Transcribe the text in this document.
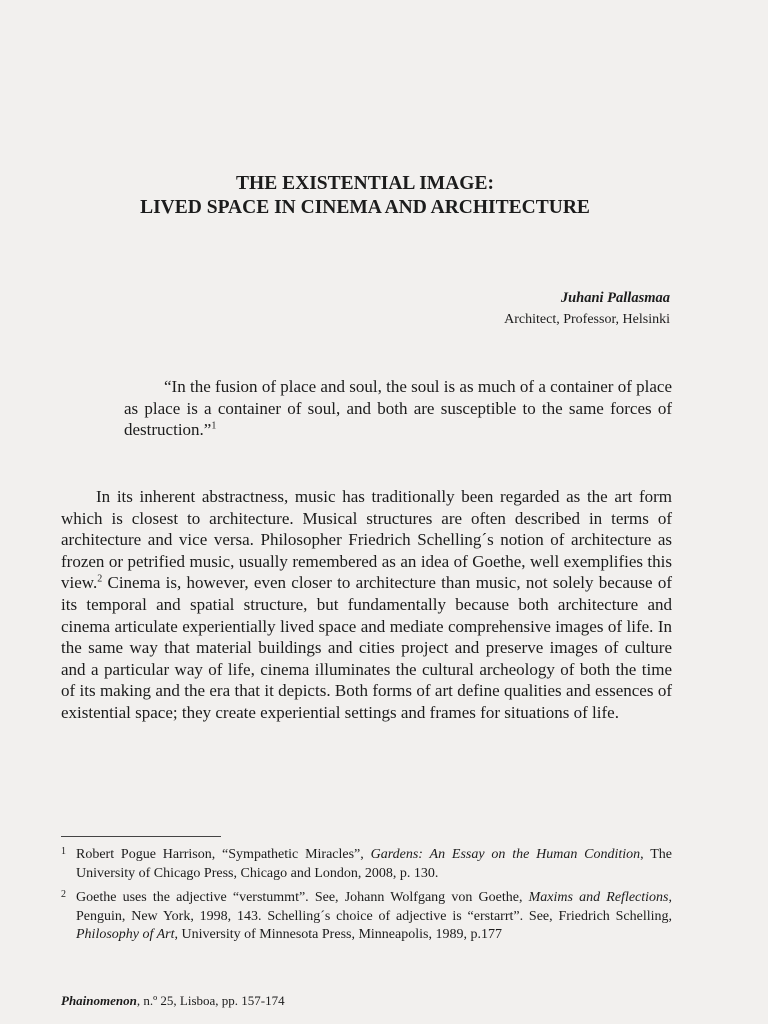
THE EXISTENTIAL IMAGE:
LIVED SPACE IN CINEMA AND ARCHITECTURE
Juhani Pallasmaa
Architect, Professor, Helsinki

“In the fusion of place and soul, the soul is as much of a container of place as place is a container of soul, and both are susceptible to the same forces of destruction.”$^1$

In its inherent abstractness, music has traditionally been regarded as the art form which is closest to architecture. Musical structures are often described in terms of architecture and vice versa. Philosopher Friedrich Schelling´s notion of architecture as frozen or petrified music, usually remembered as an idea of Goethe, well exemplifies this view.$^2$ Cinema is, however, even closer to architecture than music, not solely because of its temporal and spatial structure, but fundamentally because both architecture and cinema articulate experientially lived space and mediate comprehensive images of life. In the same way that material buildings and cities project and preserve images of culture and a particular way of life, cinema illuminates the cultural archeology of both the time of its making and the era that it depicts. Both forms of art define qualities and essences of existential space; they create experiential settings and frames for situations of life.

1 Robert Pogue Harrison, “Sympathetic Miracles”, Gardens: An Essay on the Human Condition, The University of Chicago Press, Chicago and London, 2008, p. 130.
2 Goethe uses the adjective “verstummt”. See, Johann Wolfgang von Goethe, Maxims and Reflections, Penguin, New York, 1998, 143. Schelling´s choice of adjective is “erstarrt”. See, Friedrich Schelling, Philosophy of Art, University of Minnesota Press, Minneapolis, 1989, p.177
Phainomenon, n.º 25, Lisboa, pp. 157-174
